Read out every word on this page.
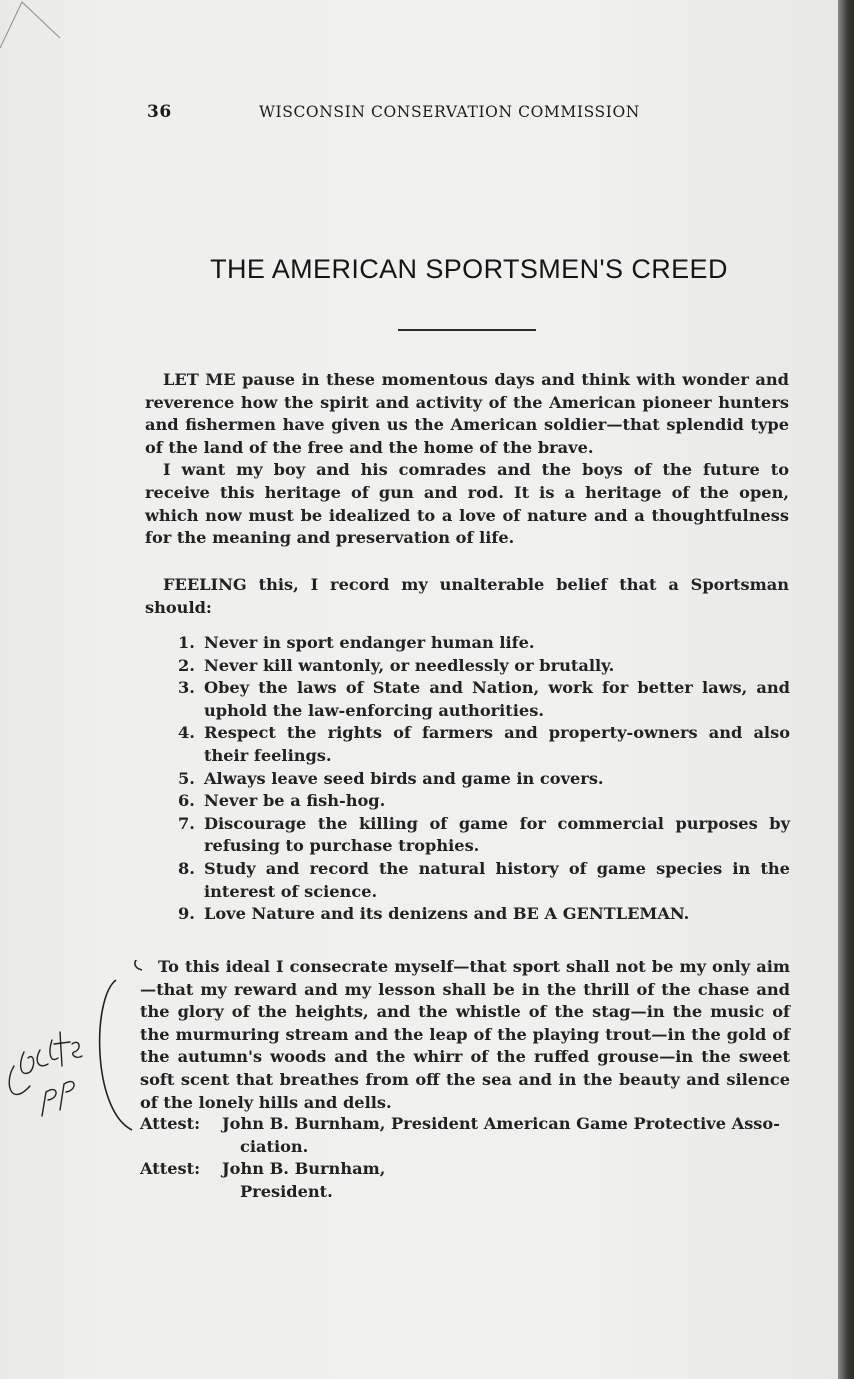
36	WISCONSIN CONSERVATION COMMISSION
THE AMERICAN SPORTSMEN'S CREED

LET ME pause in these momentous days and think with wonder and reverence how the spirit and activity of the American pioneer hunters and fishermen have given us the American soldier—that splendid type of the land of the free and the home of the brave.

I want my boy and his comrades and the boys of the future to receive this heritage of gun and rod. It is a heritage of the open, which now must be idealized to a love of nature and a thoughtfulness for the meaning and preservation of life.

FEELING this, I record my unalterable belief that a Sportsman should:

1. Never in sport endanger human life.
2. Never kill wantonly, or needlessly or brutally.
3. Obey the laws of State and Nation, work for better laws, and uphold the law-enforcing authorities.
4. Respect the rights of farmers and property-owners and also their feelings.
5. Always leave seed birds and game in covers.
6. Never be a fish-hog.
7. Discourage the killing of game for commercial purposes by refusing to purchase trophies.
8. Study and record the natural history of game species in the interest of science.
9. Love Nature and its denizens and BE A GENTLEMAN.

To this ideal I consecrate myself—that sport shall not be my only aim—that my reward and my lesson shall be in the thrill of the chase and the glory of the heights, and the whistle of the stag—in the music of the murmuring stream and the leap of the playing trout—in the gold of the autumn's woods and the whirr of the ruffed grouse—in the sweet soft scent that breathes from off the sea and in the beauty and silence of the lonely hills and dells.

Attest:	John B. Burnham, President American Game Protective Asso-
ciation.
Attest:	John B. Burnham,
President.
